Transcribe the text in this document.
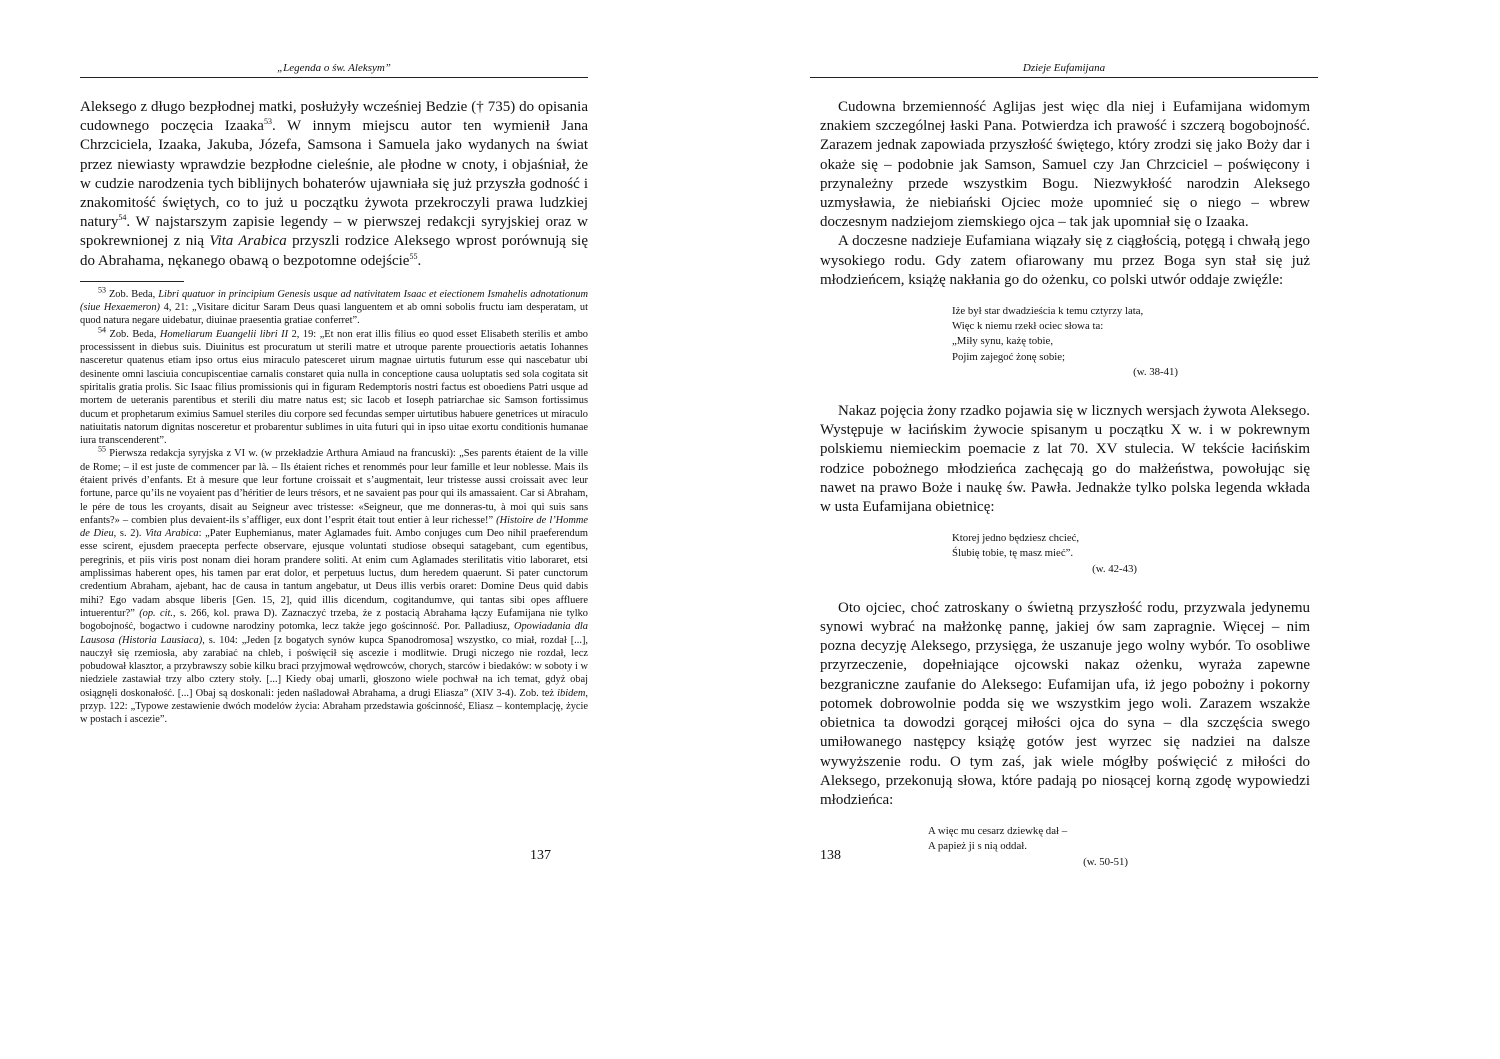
„Legenda o św. Aleksym”

Aleksego z długo bezpłodnej matki, posłużyły wcześniej Bedzie († 735) do opisania cudownego poczęcia Izaaka$^{53}$. W innym miejscu autor ten wymienił Jana Chrzciciela, Izaaka, Jakuba, Józefa, Samsona i Samuela jako wydanych na świat przez niewiasty wprawdzie bezpłodne cieleśnie, ale płodne w cnoty, i objaśniał, że w cudzie narodzenia tych biblijnych bohaterów ujawniała się już przyszła godność i znakomitość świętych, co to już u początku żywota przekroczyli prawa ludzkiej natury$^{54}$. W najstarszym zapisie legendy – w pierwszej redakcji syryjskiej oraz w spokrewnionej z nią Vita Arabica przyszli rodzice Aleksego wprost porównują się do Abrahama, nękanego obawą o bezpotomne odejście$^{55}$.

$^{53}$ Zob. Beda, Libri quatuor in principium Genesis usque ad nativitatem Isaac et eiectionem Ismahelis adnotationum (siue Hexaemeron) 4, 21: „Visitare dicitur Saram Deus quasi languentem et ab omni sobolis fructu iam desperatam, ut quod natura negare uidebatur, diuinae praesentia gratiae conferret”.

$^{54}$ Zob. Beda, Homeliarum Euangelii libri II 2, 19: „Et non erat illis filius eo quod esset Elisabeth sterilis et ambo processissent in diebus suis. Diuinitus est procuratum ut sterili matre et utroque parente prouectioris aetatis Iohannes nasceretur quatenus etiam ipso ortus eius miraculo patesceret uirum magnae uirtutis futurum esse qui nascebatur ubi desinente omni lasciuia concupiscentiae carnalis constaret quia nulla in conceptione causa uoluptatis sed sola cogitata sit spiritalis gratia prolis. Sic Isaac filius promissionis qui in figuram Redemptoris nostri factus est oboediens Patri usque ad mortem de ueteranis parentibus et sterili diu matre natus est; sic Iacob et Ioseph patriarchae sic Samson fortissimus ducum et prophetarum eximius Samuel steriles diu corpore sed fecundas semper uirtutibus habuere genetrices ut miraculo natiuitatis natorum dignitas nosceretur et probarentur sublimes in uita futuri qui in ipso uitae exortu conditionis humanae iura transcenderent”.

$^{55}$ Pierwsza redakcja syryjska z VI w. (w przekładzie Arthura Amiaud na francuski): „Ses parents étaient de la ville de Rome; – il est juste de commencer par là. – Ils étaient riches et renommés pour leur famille et leur noblesse. Mais ils étaient privés d’enfants. Et à mesure que leur fortune croissait et s’augmentait, leur tristesse aussi croissait avec leur fortune, parce qu’ils ne voyaient pas d’héritier de leurs trésors, et ne savaient pas pour qui ils amassaient. Car si Abraham, le pére de tous les croyants, disait au Seigneur avec tristesse: «Seigneur, que me donneras-tu, à moi qui suis sans enfants?» – combien plus devaient-ils s’affliger, eux dont l’esprit était tout entier à leur richesse!” (Histoire de l’Homme de Dieu, s. 2). Vita Arabica: „Pater Euphemianus, mater Aglamades fuit. Ambo conjuges cum Deo nihil praeferendum esse scirent, ejusdem praecepta perfecte observare, ejusque voluntati studiose obsequi satagebant, cum egentibus, peregrinis, et piis viris post nonam diei horam prandere soliti. At enim cum Aglamades sterilitatis vitio laboraret, etsi amplissimas haberent opes, his tamen par erat dolor, et perpetuus luctus, dum heredem quaerunt. Si pater cunctorum credentium Abraham, ajebant, hac de causa in tantum angebatur, ut Deus illis verbis oraret: Domine Deus quid dabis mihi? Ego vadam absque liberis [Gen. 15, 2], quid illis dicendum, cogitandumve, qui tantas sibi opes affluere intuerentur?” (op. cit., s. 266, kol. prawa D). Zaznaczyć trzeba, że z postacią Abrahama łączy Eufamijana nie tylko bogobojność, bogactwo i cudowne narodziny potomka, lecz także jego gościnność. Por. Palladiusz, Opowiadania dla Lausosa (Historia Lausiaca), s. 104: „Jeden [z bogatych synów kupca Spanodromosa] wszystko, co miał, rozdał [...], nauczył się rzemiosła, aby zarabiać na chleb, i poświęcił się ascezie i modlitwie. Drugi niczego nie rozdał, lecz pobudował klasztor, a przybrawszy sobie kilku braci przyjmował wędrowców, chorych, starców i biedaków: w soboty i w niedziele zastawiał trzy albo cztery stoły. [...] Kiedy obaj umarli, głoszono wiele pochwał na ich temat, gdyż obaj osiągnęli doskonałość. [...] Obaj są doskonali: jeden naśladował Abrahama, a drugi Eliasza” (XIV 3-4). Zob. też ibidem, przyp. 122: „Typowe zestawienie dwóch modelów życia: Abraham przedstawia gościnność, Eliasz – kontemplację, życie w postach i ascezie”.

137
Dzieje Eufamijana

Cudowna brzemienność Aglijas jest więc dla niej i Eufamijana widomym znakiem szczególnej łaski Pana. Potwierdza ich prawość i szczerą bogobojność. Zarazem jednak zapowiada przyszłość świętego, który zrodzi się jako Boży dar i okaże się – podobnie jak Samson, Samuel czy Jan Chrzciciel – poświęcony i przynależny przede wszystkim Bogu. Niezwykłość narodzin Aleksego uzmysławia, że niebiański Ojciec może upomnieć się o niego – wbrew doczesnym nadziejom ziemskiego ojca – tak jak upomniał się o Izaaka.

A doczesne nadzieje Eufamiana wiązały się z ciągłością, potęgą i chwałą jego wysokiego rodu. Gdy zatem ofiarowany mu przez Boga syn stał się już młodzieńcem, książę nakłania go do ożenku, co polski utwór oddaje zwięźle:

Iże był star dwadzieścia k temu cztyrzy lata,
Więc k niemu rzekł ociec słowa ta:
„Miły synu, każę tobie,
Pojim zajegoć żonę sobie;
(w. 38-41)

Nakaz pojęcia żony rzadko pojawia się w licznych wersjach żywota Aleksego. Występuje w łacińskim żywocie spisanym u początku X w. i w pokrewnym polskiemu niemieckim poemacie z lat 70. XV stulecia. W tekście łacińskim rodzice pobożnego młodzieńca zachęcają go do małżeństwa, powołując się nawet na prawo Boże i naukę św. Pawła. Jednakże tylko polska legenda wkłada w usta Eufamijana obietnicę:

Ktorej jedno będziesz chcieć,
Ślubię tobie, tę masz mieć”.
(w. 42-43)

Oto ojciec, choć zatroskany o świetną przyszłość rodu, przyzwala jedynemu synowi wybrać na małżonkę pannę, jakiej ów sam zapragnie. Więcej – nim pozna decyzję Aleksego, przysięga, że uszanuje jego wolny wybór. To osobliwe przyrzeczenie, dopełniające ojcowski nakaz ożenku, wyraża zapewne bezgraniczne zaufanie do Aleksego: Eufamijan ufa, iż jego pobożny i pokorny potomek dobrowolnie podda się we wszystkim jego woli. Zarazem wszakże obietnica ta dowodzi gorącej miłości ojca do syna – dla szczęścia swego umiłowanego następcy książę gotów jest wyrzec się nadziei na dalsze wywyższenie rodu. O tym zaś, jak wiele mógłby poświęcić z miłości do Aleksego, przekonują słowa, które padają po niosącej korną zgodę wypowiedzi młodzieńca:

A więc mu cesarz dziewkę dał –
A papież ji s nią oddał.
(w. 50-51)
138
